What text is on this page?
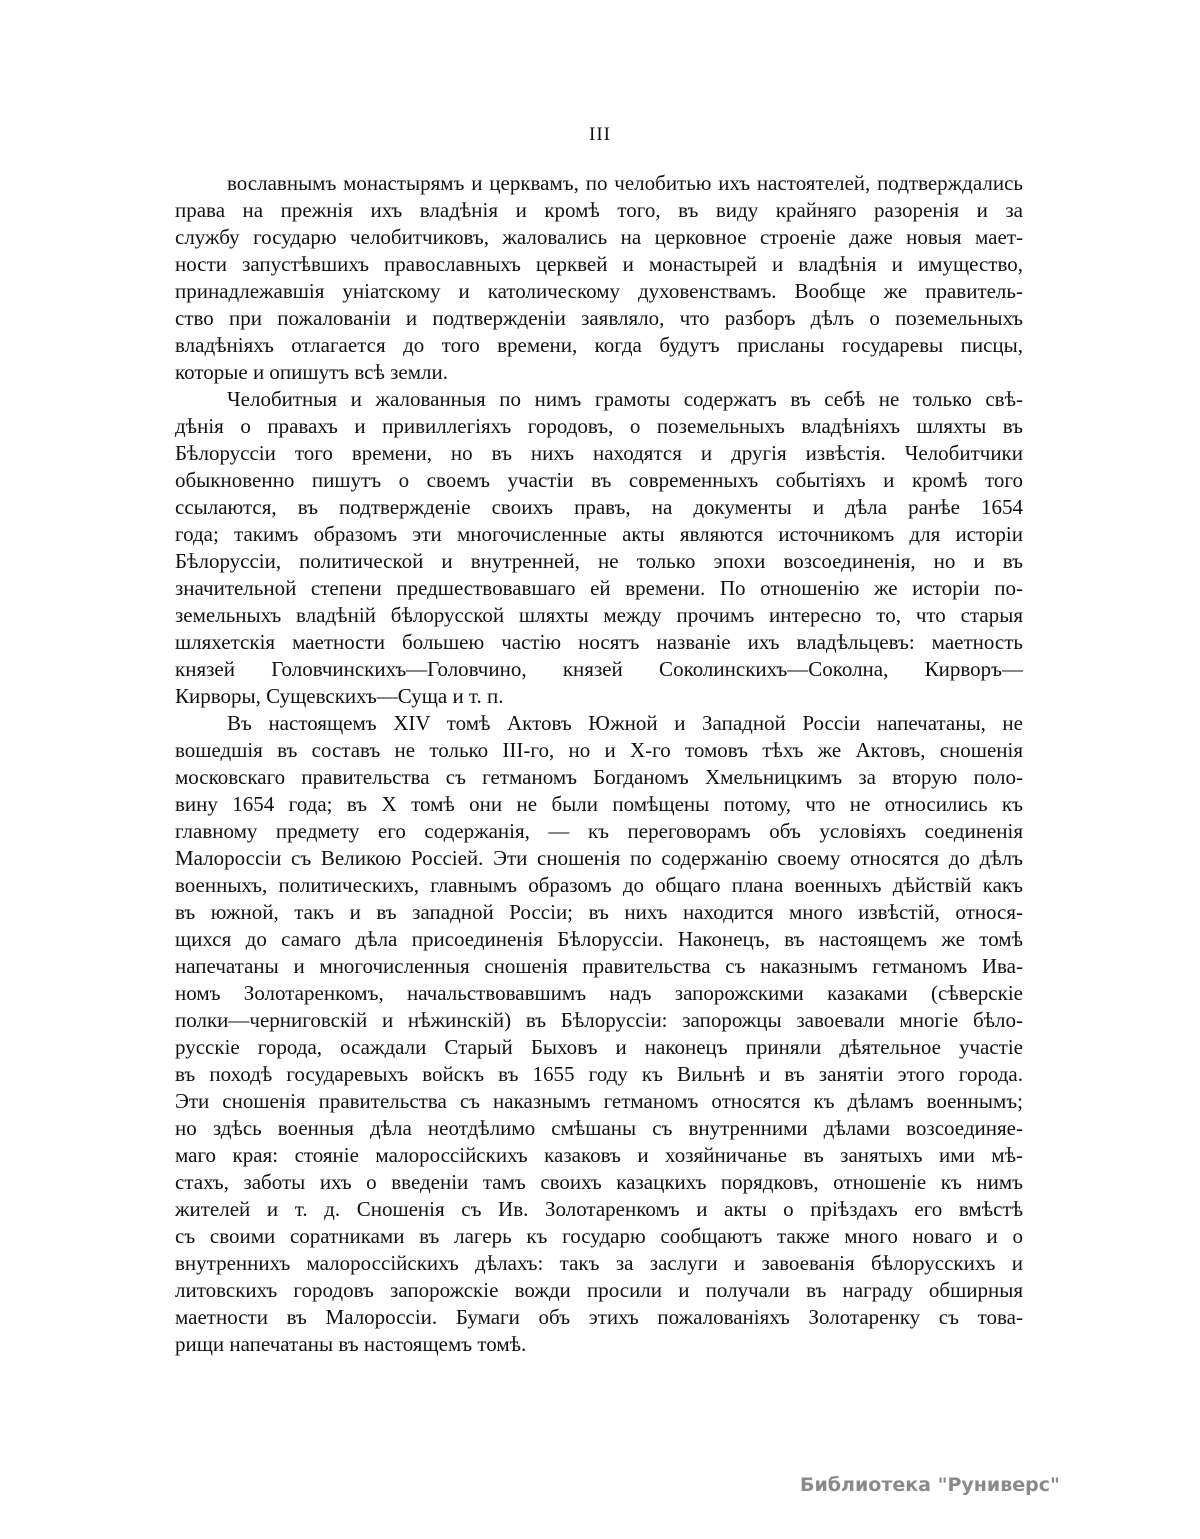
III
вославнымъ монастырямъ и церквамъ, по челобитью ихъ настоятелей, подтверждались
права на прежнія ихъ владѣнія и кромѣ того, въ виду крайняго разоренія и за
службу государю челобитчиковъ, жаловались на церковное строеніе даже новыя мает-
ности запустѣвшихъ православныхъ церквей и монастырей и владѣнія и имущество,
принадлежавшія уніатскому и католическому духовенствамъ. Вообще же правитель-
ство при пожалованіи и подтвержденіи заявляло, что разборъ дѣлъ о поземельныхъ
владѣніяхъ отлагается до того времени, когда будутъ присланы государевы писцы,
которые и опишутъ всѣ земли.
Челобитныя и жалованныя по нимъ грамоты содержатъ въ себѣ не только свѣ-
дѣнія о правахъ и привиллегіяхъ городовъ, о поземельныхъ владѣніяхъ шляхты въ
Бѣлоруссіи того времени, но въ нихъ находятся и другія извѣстія. Челобитчики
обыкновенно пишутъ о своемъ участіи въ современныхъ событіяхъ и кромѣ того
ссылаются, въ подтвержденіе своихъ правъ, на документы и дѣла ранѣе 1654
года; такимъ образомъ эти многочисленные акты являются источникомъ для исторіи
Бѣлоруссіи, политической и внутренней, не только эпохи возсоединенія, но и въ
значительной степени предшествовавшаго ей времени. По отношенію же исторіи по-
земельныхъ владѣній бѣлорусской шляхты между прочимъ интересно то, что старыя
шляхетскія маетности большею частію носятъ названіе ихъ владѣльцевъ: маетность
князей Головчинскихъ—Головчино, князей Соколинскихъ—Соколна, Кирворъ—
Кирворы, Сущевскихъ—Суща и т. п.
Въ настоящемъ XIV томѣ Актовъ Южной и Западной Россіи напечатаны, не
вошедшія въ составъ не только III-го, но и X-го томовъ тѣхъ же Актовъ, сношенія
московскаго правительства съ гетманомъ Богданомъ Хмельницкимъ за вторую поло-
вину 1654 года; въ X томѣ они не были помѣщены потому, что не относились къ
главному предмету его содержанія, — къ переговорамъ объ условіяхъ соединенія
Малороссіи съ Великою Россіей. Эти сношенія по содержанію своему относятся до дѣлъ
военныхъ, политическихъ, главнымъ образомъ до общаго плана военныхъ дѣйствій какъ
въ южной, такъ и въ западной Россіи; въ нихъ находится много извѣстій, относя-
щихся до самаго дѣла присоединенія Бѣлоруссіи. Наконецъ, въ настоящемъ же томѣ
напечатаны и многочисленныя сношенія правительства съ наказнымъ гетманомъ Ива-
номъ Золотаренкомъ, начальствовавшимъ надъ запорожскими казаками (сѣверскіе
полки—черниговскій и нѣжинскій) въ Бѣлоруссіи: запорожцы завоевали многіе бѣло-
русскіе города, осаждали Старый Быховъ и наконецъ приняли дѣятельное участіе
въ походѣ государевыхъ войскъ въ 1655 году къ Вильнѣ и въ занятіи этого города.
Эти сношенія правительства съ наказнымъ гетманомъ относятся къ дѣламъ военнымъ;
но здѣсь военныя дѣла неотдѣлимо смѣшаны съ внутренними дѣлами возсоединяе-
маго края: стояніе малороссійскихъ казаковъ и хозяйничанье въ занятыхъ ими мѣ-
стахъ, заботы ихъ о введеніи тамъ своихъ казацкихъ порядковъ, отношеніе къ нимъ
жителей и т. д. Сношенія съ Ив. Золотаренкомъ и акты о пріѣздахъ его вмѣстѣ
съ своими соратниками въ лагерь къ государю сообщаютъ также много новаго и о
внутреннихъ малороссійскихъ дѣлахъ: такъ за заслуги и завоеванія бѣлорусскихъ и
литовскихъ городовъ запорожскіе вожди просили и получали въ награду обширныя
маетности въ Малороссіи. Бумаги объ этихъ пожалованіяхъ Золотаренку съ това-
рищи напечатаны въ настоящемъ томѣ.
Библиотека "Руниверс"
